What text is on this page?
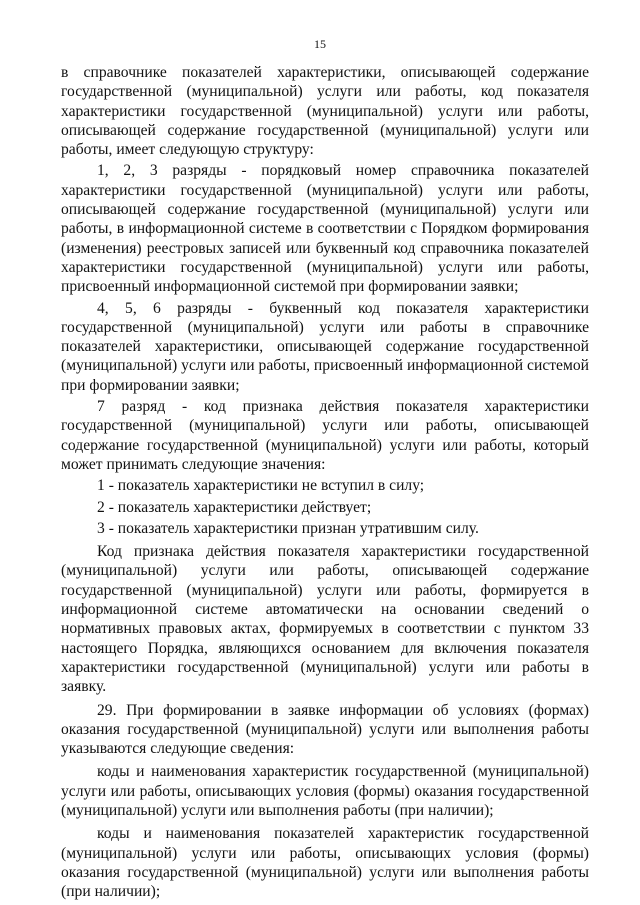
15

в справочнике показателей характеристики, описывающей содержание государственной (муниципальной) услуги или работы, код показателя характеристики государственной (муниципальной) услуги или работы, описывающей содержание государственной (муниципальной) услуги или работы, имеет следующую структуру:

1, 2, 3 разряды - порядковый номер справочника показателей характеристики государственной (муниципальной) услуги или работы, описывающей содержание государственной (муниципальной) услуги или работы, в информационной системе в соответствии с Порядком формирования (изменения) реестровых записей или буквенный код справочника показателей характеристики государственной (муниципальной) услуги или работы, присвоенный информационной системой при формировании заявки;

4, 5, 6 разряды - буквенный код показателя характеристики государственной (муниципальной) услуги или работы в справочнике показателей характеристики, описывающей содержание государственной (муниципальной) услуги или работы, присвоенный информационной системой при формировании заявки;

7 разряд - код признака действия показателя характеристики государственной (муниципальной) услуги или работы, описывающей содержание государственной (муниципальной) услуги или работы, который может принимать следующие значения:

1 - показатель характеристики не вступил в силу;

2 - показатель характеристики действует;

3 - показатель характеристики признан утратившим силу.

Код признака действия показателя характеристики государственной (муниципальной) услуги или работы, описывающей содержание государственной (муниципальной) услуги или работы, формируется в информационной системе автоматически на основании сведений о нормативных правовых актах, формируемых в соответствии с пунктом 33 настоящего Порядка, являющихся основанием для включения показателя характеристики государственной (муниципальной) услуги или работы в заявку.

29. При формировании в заявке информации об условиях (формах) оказания государственной (муниципальной) услуги или выполнения работы указываются следующие сведения:

коды и наименования характеристик государственной (муниципальной) услуги или работы, описывающих условия (формы) оказания государственной (муниципальной) услуги или выполнения работы (при наличии);

коды и наименования показателей характеристик государственной (муниципальной) услуги или работы, описывающих условия (формы) оказания государственной (муниципальной) услуги или выполнения работы (при наличии);
